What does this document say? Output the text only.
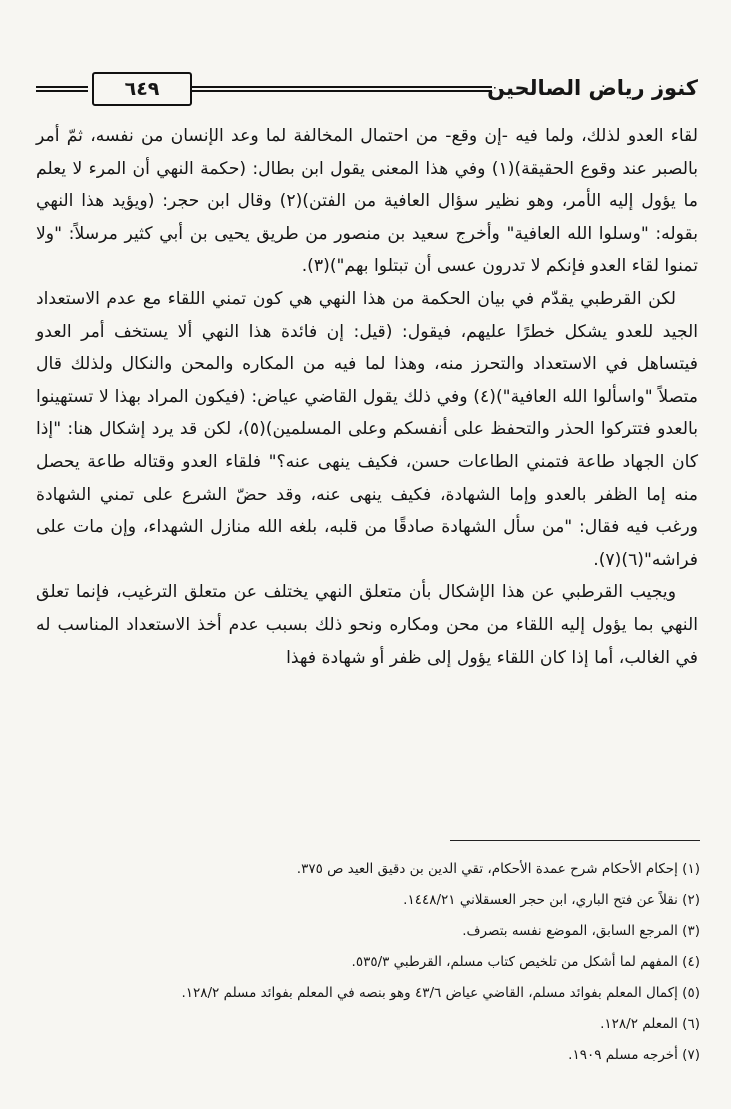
٦٤٩	كنوز رياض الصالحين

لقاء العدو لذلك، ولما فيه -إن وقع- من احتمال المخالفة لما وعد الإنسان من نفسه، ثمّ أمر بالصبر عند وقوع الحقيقة)(١) وفي هذا المعنى يقول ابن بطال: (حكمة النهي أن المرء لا يعلم ما يؤول إليه الأمر، وهو نظير سؤال العافية من الفتن)(٢) وقال ابن حجر: (ويؤيد هذا النهي بقوله: "وسلوا الله العافية" وأخرج سعيد بن منصور من طريق يحيى بن أبي كثير مرسلاً: "ولا تمنوا لقاء العدو فإنكم لا تدرون عسى أن تبتلوا بهم")(٣).

لكن القرطبي يقدّم في بيان الحكمة من هذا النهي هي كون تمني اللقاء مع عدم الاستعداد الجيد للعدو يشكل خطرًا عليهم، فيقول: (قيل: إن فائدة هذا النهي ألا يستخف أمر العدو فيتساهل في الاستعداد والتحرز منه، وهذا لما فيه من المكاره والمحن والنكال ولذلك قال متصلاً "واسألوا الله العافية")(٤) وفي ذلك يقول القاضي عياض: (فيكون المراد بهذا لا تستهينوا بالعدو فتتركوا الحذر والتحفظ على أنفسكم وعلى المسلمين)(٥)، لكن قد يرد إشكال هنا: "إذا كان الجهاد طاعة فتمني الطاعات حسن، فكيف ينهى عنه؟" فلقاء العدو وقتاله طاعة يحصل منه إما الظفر بالعدو وإما الشهادة، فكيف ينهى عنه، وقد حضّ الشرع على تمني الشهادة ورغب فيه فقال: "من سأل الشهادة صادقًا من قلبه، بلغه الله منازل الشهداء، وإن مات على فراشه"(٦)(٧).

ويجيب القرطبي عن هذا الإشكال بأن متعلق النهي يختلف عن متعلق الترغيب، فإنما تعلق النهي بما يؤول إليه اللقاء من محن ومكاره ونحو ذلك بسبب عدم أخذ الاستعداد المناسب له في الغالب، أما إذا كان اللقاء يؤول إلى ظفر أو شهادة فهذا

(١) إحكام الأحكام شرح عمدة الأحكام، تقي الدين بن دقيق العيد ص ٣٧٥.
(٢) نقلاً عن فتح الباري، ابن حجر العسقلاني ١٤٤٨/٢١.
(٣) المرجع السابق، الموضع نفسه بتصرف.
(٤) المفهم لما أشكل من تلخيص كتاب مسلم، القرطبي ٥٣٥/٣.
(٥) إكمال المعلم بفوائد مسلم، القاضي عياض ٤٣/٦ وهو بنصه في المعلم بفوائد مسلم ١٢٨/٢.
(٦) المعلم ١٢٨/٢.
(٧) أخرجه مسلم ١٩٠٩.
